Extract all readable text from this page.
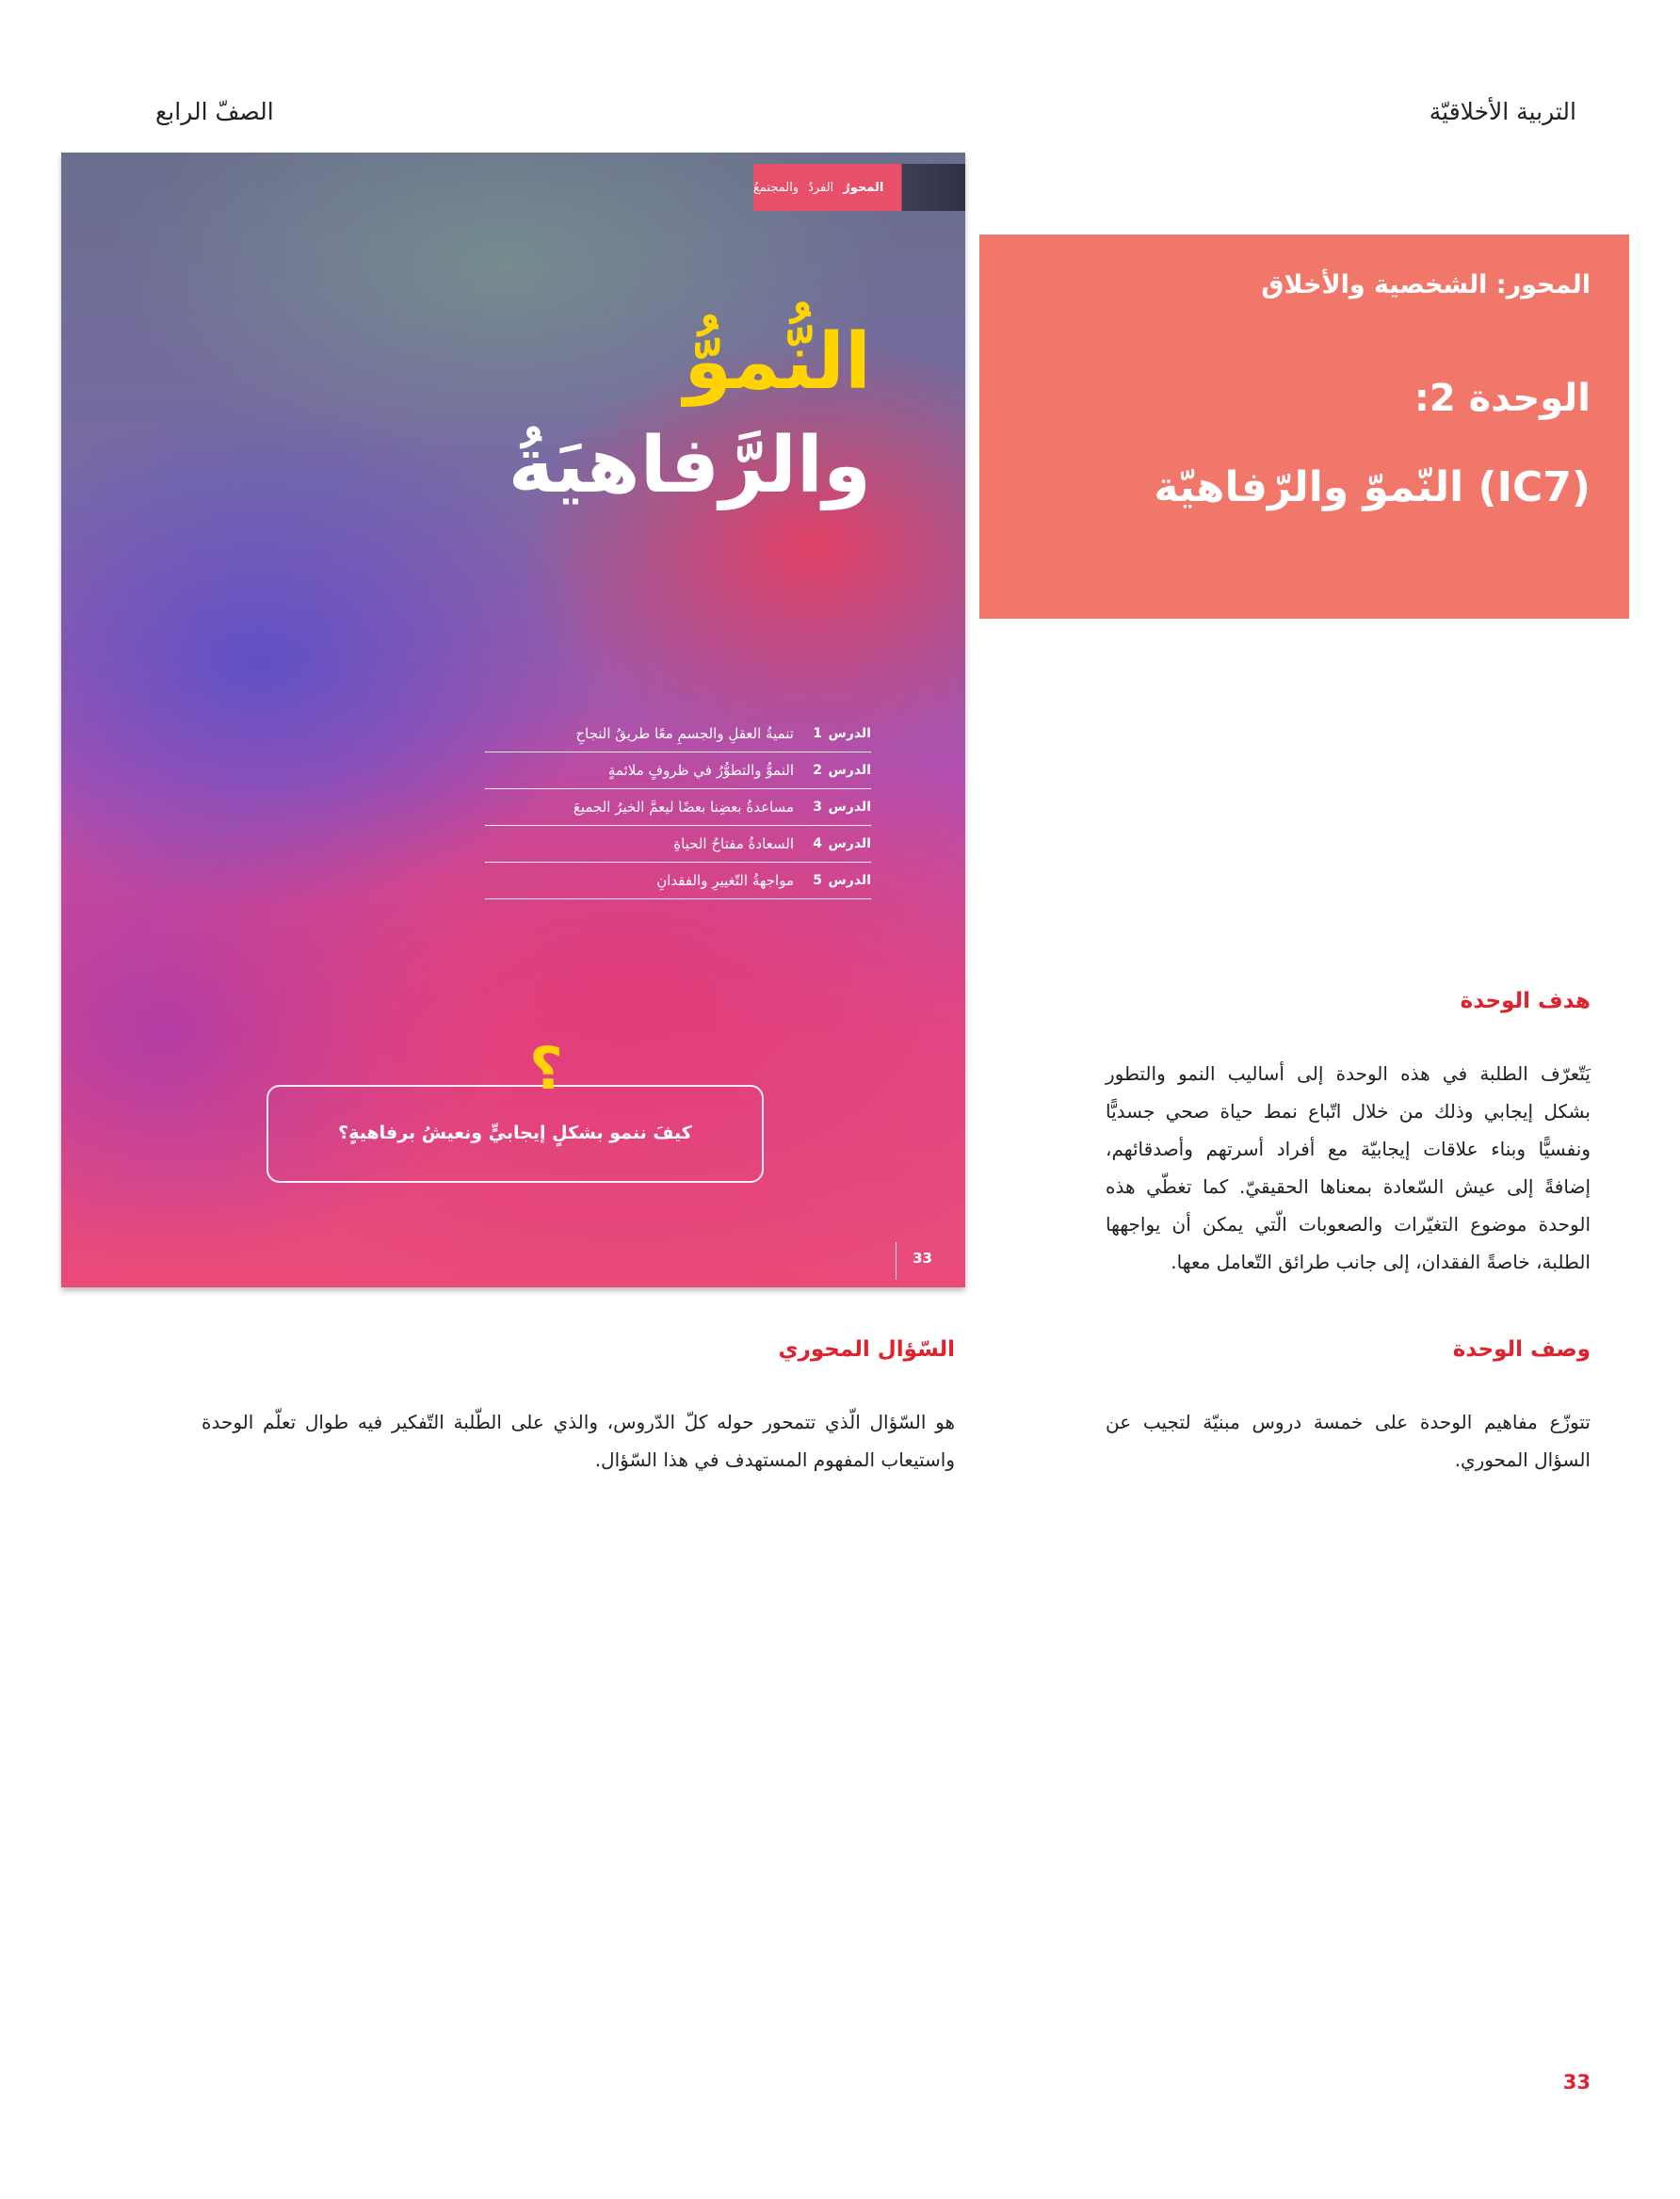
التربية الأخلاقيّة
الصفّ الرابع
المحورُ
الفردُ
والمجتمعُ
النُّموُّ
والرَّفاهيَةُ
الدرس
1
تنميةُ العقلِ والجسمِ معًا طريقُ النجاحِ
الدرس
2
النموُّ والتطوُّرُ في ظروفٍ ملائمةٍ
الدرس
3
مساعدةُ بعضِنا بعضًا ليعمَّ الخيرُ الجميعَ
الدرس
4
السعادةُ مفتاحُ الحياةِ
الدرس
5
مواجهةُ التّغييرِ والفقدانِ
؟
كيفَ ننمو بشكلٍ إيجابيٍّ ونعيشُ برفاهيةٍ؟
33
المحور: الشخصية والأخلاق
الوحدة 2:
(IC7) النّموّ والرّفاهيّة
هدف الوحدة
يَتّعرّف الطلبة في هذه الوحدة إلى أساليب النمو والتطور بشكل إيجابي وذلك من خلال اتّباع نمط حياة صحي جسديًّا ونفسيًّا وبناء علاقات إيجابيّة مع أفراد أسرتهم وأصدقائهم، إضافةً إلى عيش السّعادة بمعناها الحقيقيّ. كما تغطّي هذه الوحدة موضوع التغيّرات والصعوبات الّتي يمكن أن يواجهها الطلبة، خاصةً الفقدان، إلى جانب طرائق التّعامل معها.
وصف الوحدة
تتوزّع مفاهيم الوحدة على خمسة دروس مبنيّة لتجيب عن السؤال المحوري.
السّؤال المحوري
هو السّؤال الّذي تتمحور حوله كلّ الدّروس، والذي على الطّلبة التّفكير فيه طوال تعلّم الوحدة واستيعاب المفهوم المستهدف في هذا السّؤال.
33
